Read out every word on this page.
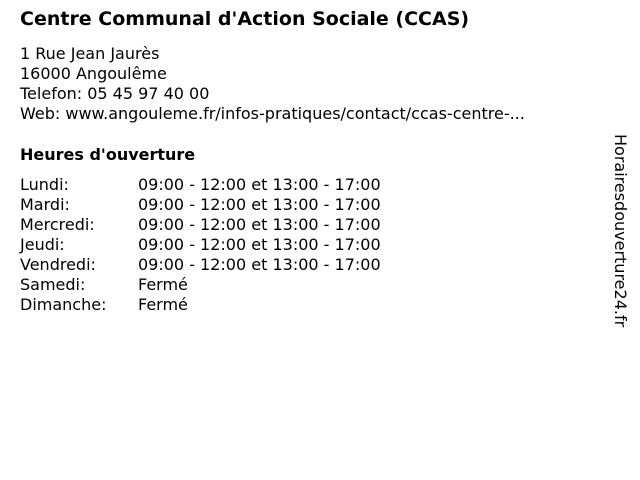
Centre Communal d'Action Sociale (CCAS)
1 Rue Jean Jaurès
16000 Angoulême
Telefon: 05 45 97 40 00
Web: www.angouleme.fr/infos-pratiques/contact/ccas-centre-...
Heures d'ouverture
Lundi:	09:00 - 12:00 et 13:00 - 17:00
Mardi:	09:00 - 12:00 et 13:00 - 17:00
Mercredi:	09:00 - 12:00 et 13:00 - 17:00
Jeudi:	09:00 - 12:00 et 13:00 - 17:00
Vendredi:	09:00 - 12:00 et 13:00 - 17:00
Samedi:	Fermé
Dimanche:	Fermé	Horairesdouverture24.fr
